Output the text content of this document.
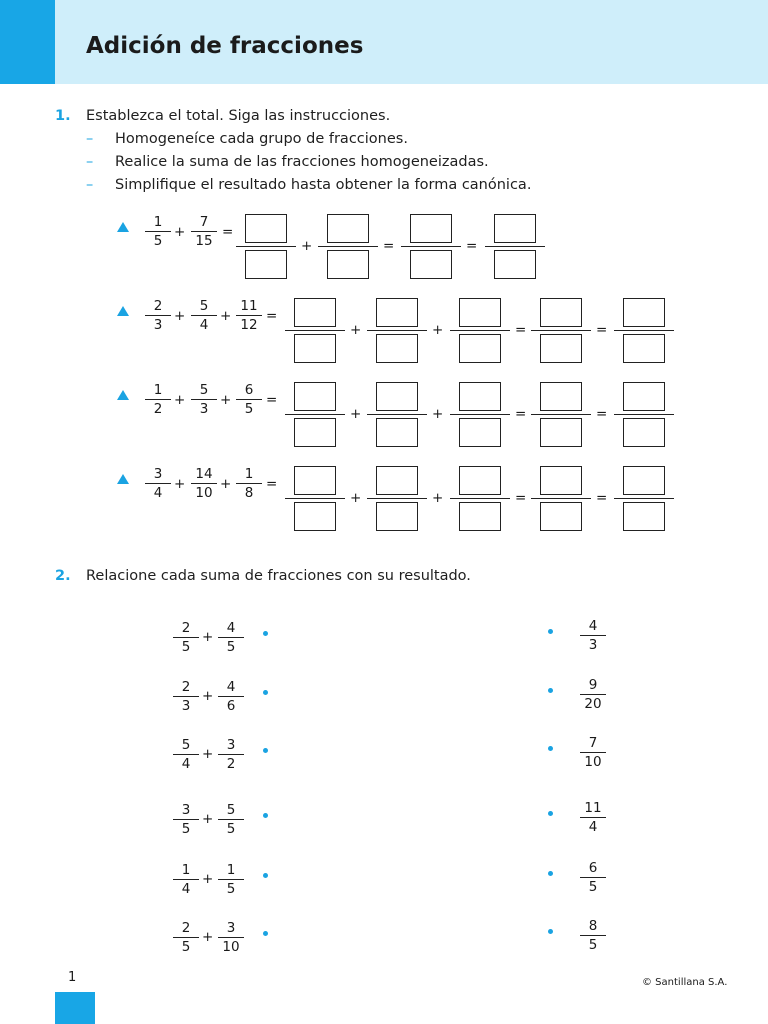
Adición de fracciones
1. Establezca el total. Siga las instrucciones.
– Homogeneíce cada grupo de fracciones.
– Realice la suma de las fracciones homogeneizadas.
– Simplifique el resultado hasta obtener la forma canónica.
$\frac{1}{5} + \frac{7}{15}$ =
+	=	=
$\frac{2}{3} + \frac{5}{4} + \frac{11}{12}$ =
+	+	=	=
$\frac{1}{2} + \frac{5}{3} + \frac{6}{5}$ =
+	+	=	=
$\frac{3}{4} + \frac{14}{10} + \frac{1}{8}$ =
+	+	=	=
2. Relacione cada suma de fracciones con su resultado.
$\frac{2}{5} + \frac{4}{5}$
$\frac{2}{3} + \frac{4}{6}$
$\frac{5}{4} + \frac{3}{2}$
$\frac{3}{5} + \frac{5}{5}$
$\frac{1}{4} + \frac{1}{5}$
$\frac{2}{5} + \frac{3}{10}$
$\frac{4}{3}$
$\frac{9}{20}$
$\frac{7}{10}$
$\frac{11}{4}$
$\frac{6}{5}$
$\frac{8}{5}$
1	© Santillana S.A.
